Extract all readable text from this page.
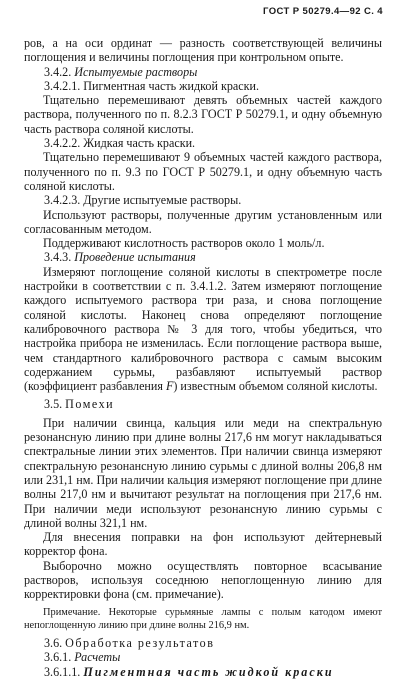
ГОСТ Р 50279.4—92 С. 4

ров, а на оси ординат — разность соответствующей величины поглощения и величины поглощения при контрольном опыте.

3.4.2. Испытуемые растворы

3.4.2.1. Пигментная часть жидкой краски.

Тщательно перемешивают девять объемных частей каждого раствора, полученного по п. 8.2.3 ГОСТ Р 50279.1, и одну объемную часть раствора соляной кислоты.

3.4.2.2. Жидкая часть краски.

Тщательно перемешивают 9 объемных частей каждого раствора, полученного по п. 9.3 по ГОСТ Р 50279.1, и одну объемную часть соляной кислоты.

3.4.2.3. Другие испытуемые растворы.

Используют растворы, полученные другим установленным или согласованным методом.

Поддерживают кислотность растворов около 1 моль/л.

3.4.3. Проведение испытания

Измеряют поглощение соляной кислоты в спектрометре после настройки в соответствии с п. 3.4.1.2. Затем измеряют поглощение каждого испытуемого раствора три раза, и снова поглощение соляной кислоты. Наконец снова определяют поглощение калибровочного раствора № 3 для того, чтобы убедиться, что настройка прибора не изменилась. Если поглощение раствора выше, чем стандартного калибровочного раствора с самым высоким содержанием сурьмы, разбавляют испытуемый раствор (коэффициент разбавления F) известным объемом соляной кислоты.

3.5. Помехи

При наличии свинца, кальция или меди на спектральную резонансную линию при длине волны 217,6 нм могут накладываться спектральные линии этих элементов. При наличии свинца измеряют спектральную резонансную линию сурьмы с длиной волны 206,8 нм или 231,1 нм. При наличии кальция измеряют поглощение при длине волны 217,0 нм и вычитают результат на поглощения при 217,6 нм. При наличии меди используют резонансную линию сурьмы с длиной волны 321,1 нм.

Для внесения поправки на фон используют дейтерневый корректор фона.

Выборочно можно осуществлять повторное всасывание растворов, используя соседнюю непоглощенную линию для корректировки фона (см. примечание).

Примечание. Некоторые сурьмяные лампы с полым катодом имеют непоглощенную линию при длине волны 216,9 нм.

3.6. Обработка результатов

3.6.1. Расчеты

3.6.1.1. Пигментная часть жидкой краски
